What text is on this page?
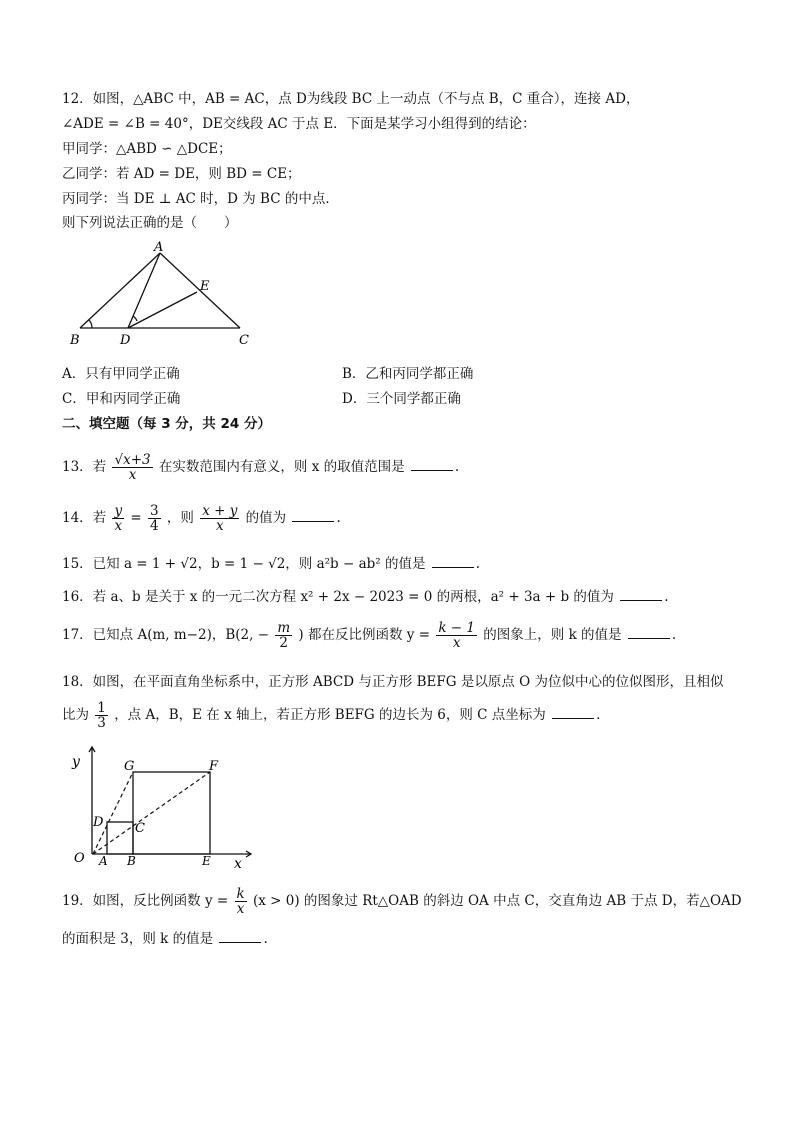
12．如图，△ABC 中，AB = AC，点 D为线段 BC 上一动点（不与点 B，C 重合），连接 AD，
∠ADE = ∠B = 40°，DE交线段 AC 于点 E．下面是某学习小组得到的结论：
甲同学：△ABD ∽ △DCE；
乙同学：若 AD = DE，则 BD = CE；
丙同学：当 DE ⊥ AC 时，D 为 BC 的中点．
则下列说法正确的是（　　）
A
E
B	D	C
A．只有甲同学正确	B．乙和丙同学都正确
C．甲和丙同学正确	D．三个同学都正确
二、填空题（每 3 分，共 24 分）
13．若 $\frac{√x+3}{x}$ 在实数范围内有意义，则 x 的取值范围是	.
14．若 $\frac{y}{x} = \frac{3}{4}$ ，则 $\frac{x + y}{x}$ 的值为	.
15．已知 a = 1 + √2，b = 1 − √2，则 a²b − ab² 的值是	.
16．若 a、b 是关于 x 的一元二次方程 x² + 2x − 2023 = 0 的两根，a² + 3a + b 的值为	.
17．已知点 A(m, m−2)，B(2, − $\frac{m}{2}$ ) 都在反比例函数 $y = \frac{k - 1}{x}$ 的图象上，则 k 的值是	.
18．如图，在平面直角坐标系中，正方形 ABCD 与正方形 BEFG 是以原点 O 为位似中心的位似图形，且相似
比为 $\frac{1}{3}$ ，点 A，B，E 在 x 轴上，若正方形 BEFG 的边长为 6，则 C 点坐标为	.
y
x
O A B	E
D C
G	F
19．如图，反比例函数 $y = \frac{k}{x} (x > 0)$ 的图象过 Rt△OAB 的斜边 OA 中点 C，交直角边 AB 于点 D，若△OAD
的面积是 3，则 k 的值是	.
